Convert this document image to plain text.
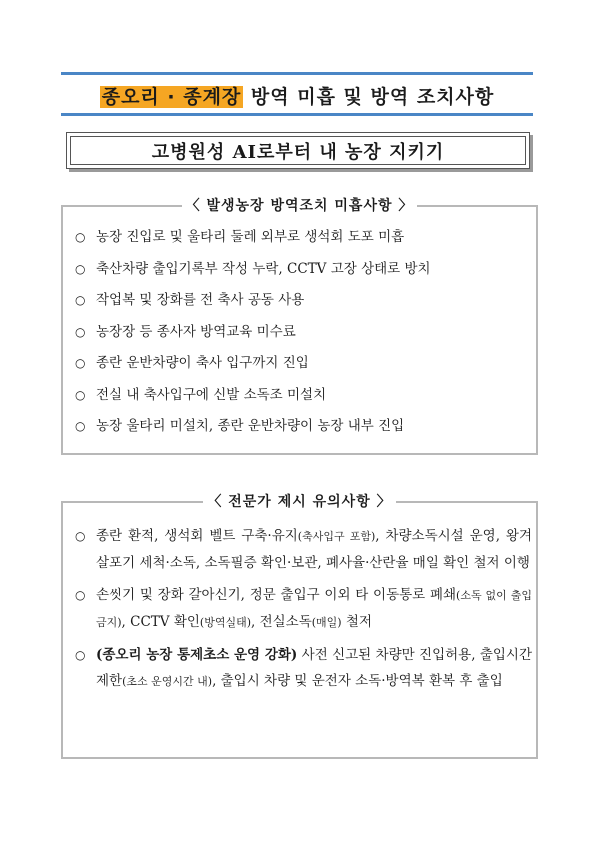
종오리 · 종계장 방역 미흡 및 방역 조치사항
고병원성 AI로부터 내 농장 지키기
〈 발생농장 방역조치 미흡사항 〉
○ 농장 진입로 및 울타리 둘레 외부로 생석회 도포 미흡
○ 축산차량 출입기록부 작성 누락, CCTV 고장 상태로 방치
○ 작업복 및 장화를 전 축사 공동 사용
○ 농장장 등 종사자 방역교육 미수료
○ 종란 운반차량이 축사 입구까지 진입
○ 전실 내 축사입구에 신발 소독조 미설치
○ 농장 울타리 미설치, 종란 운반차량이 농장 내부 진입
〈 전문가 제시 유의사항 〉
○ 종란 환적, 생석회 벨트 구축·유지(축사입구 포함), 차량소독시설 운영, 왕겨살포기 세척·소독, 소독필증 확인·보관, 폐사율·산란율 매일 확인 철저 이행
○ 손씻기 및 장화 갈아신기, 정문 출입구 이외 타 이동통로 폐쇄(소독 없이 출입금지), CCTV 확인(방역실태), 전실소독(매일) 철저
○ (종오리 농장 통제초소 운영 강화) 사전 신고된 차량만 진입허용, 출입시간 제한(초소 운영시간 내), 출입시 차량 및 운전자 소독·방역복 환복 후 출입
